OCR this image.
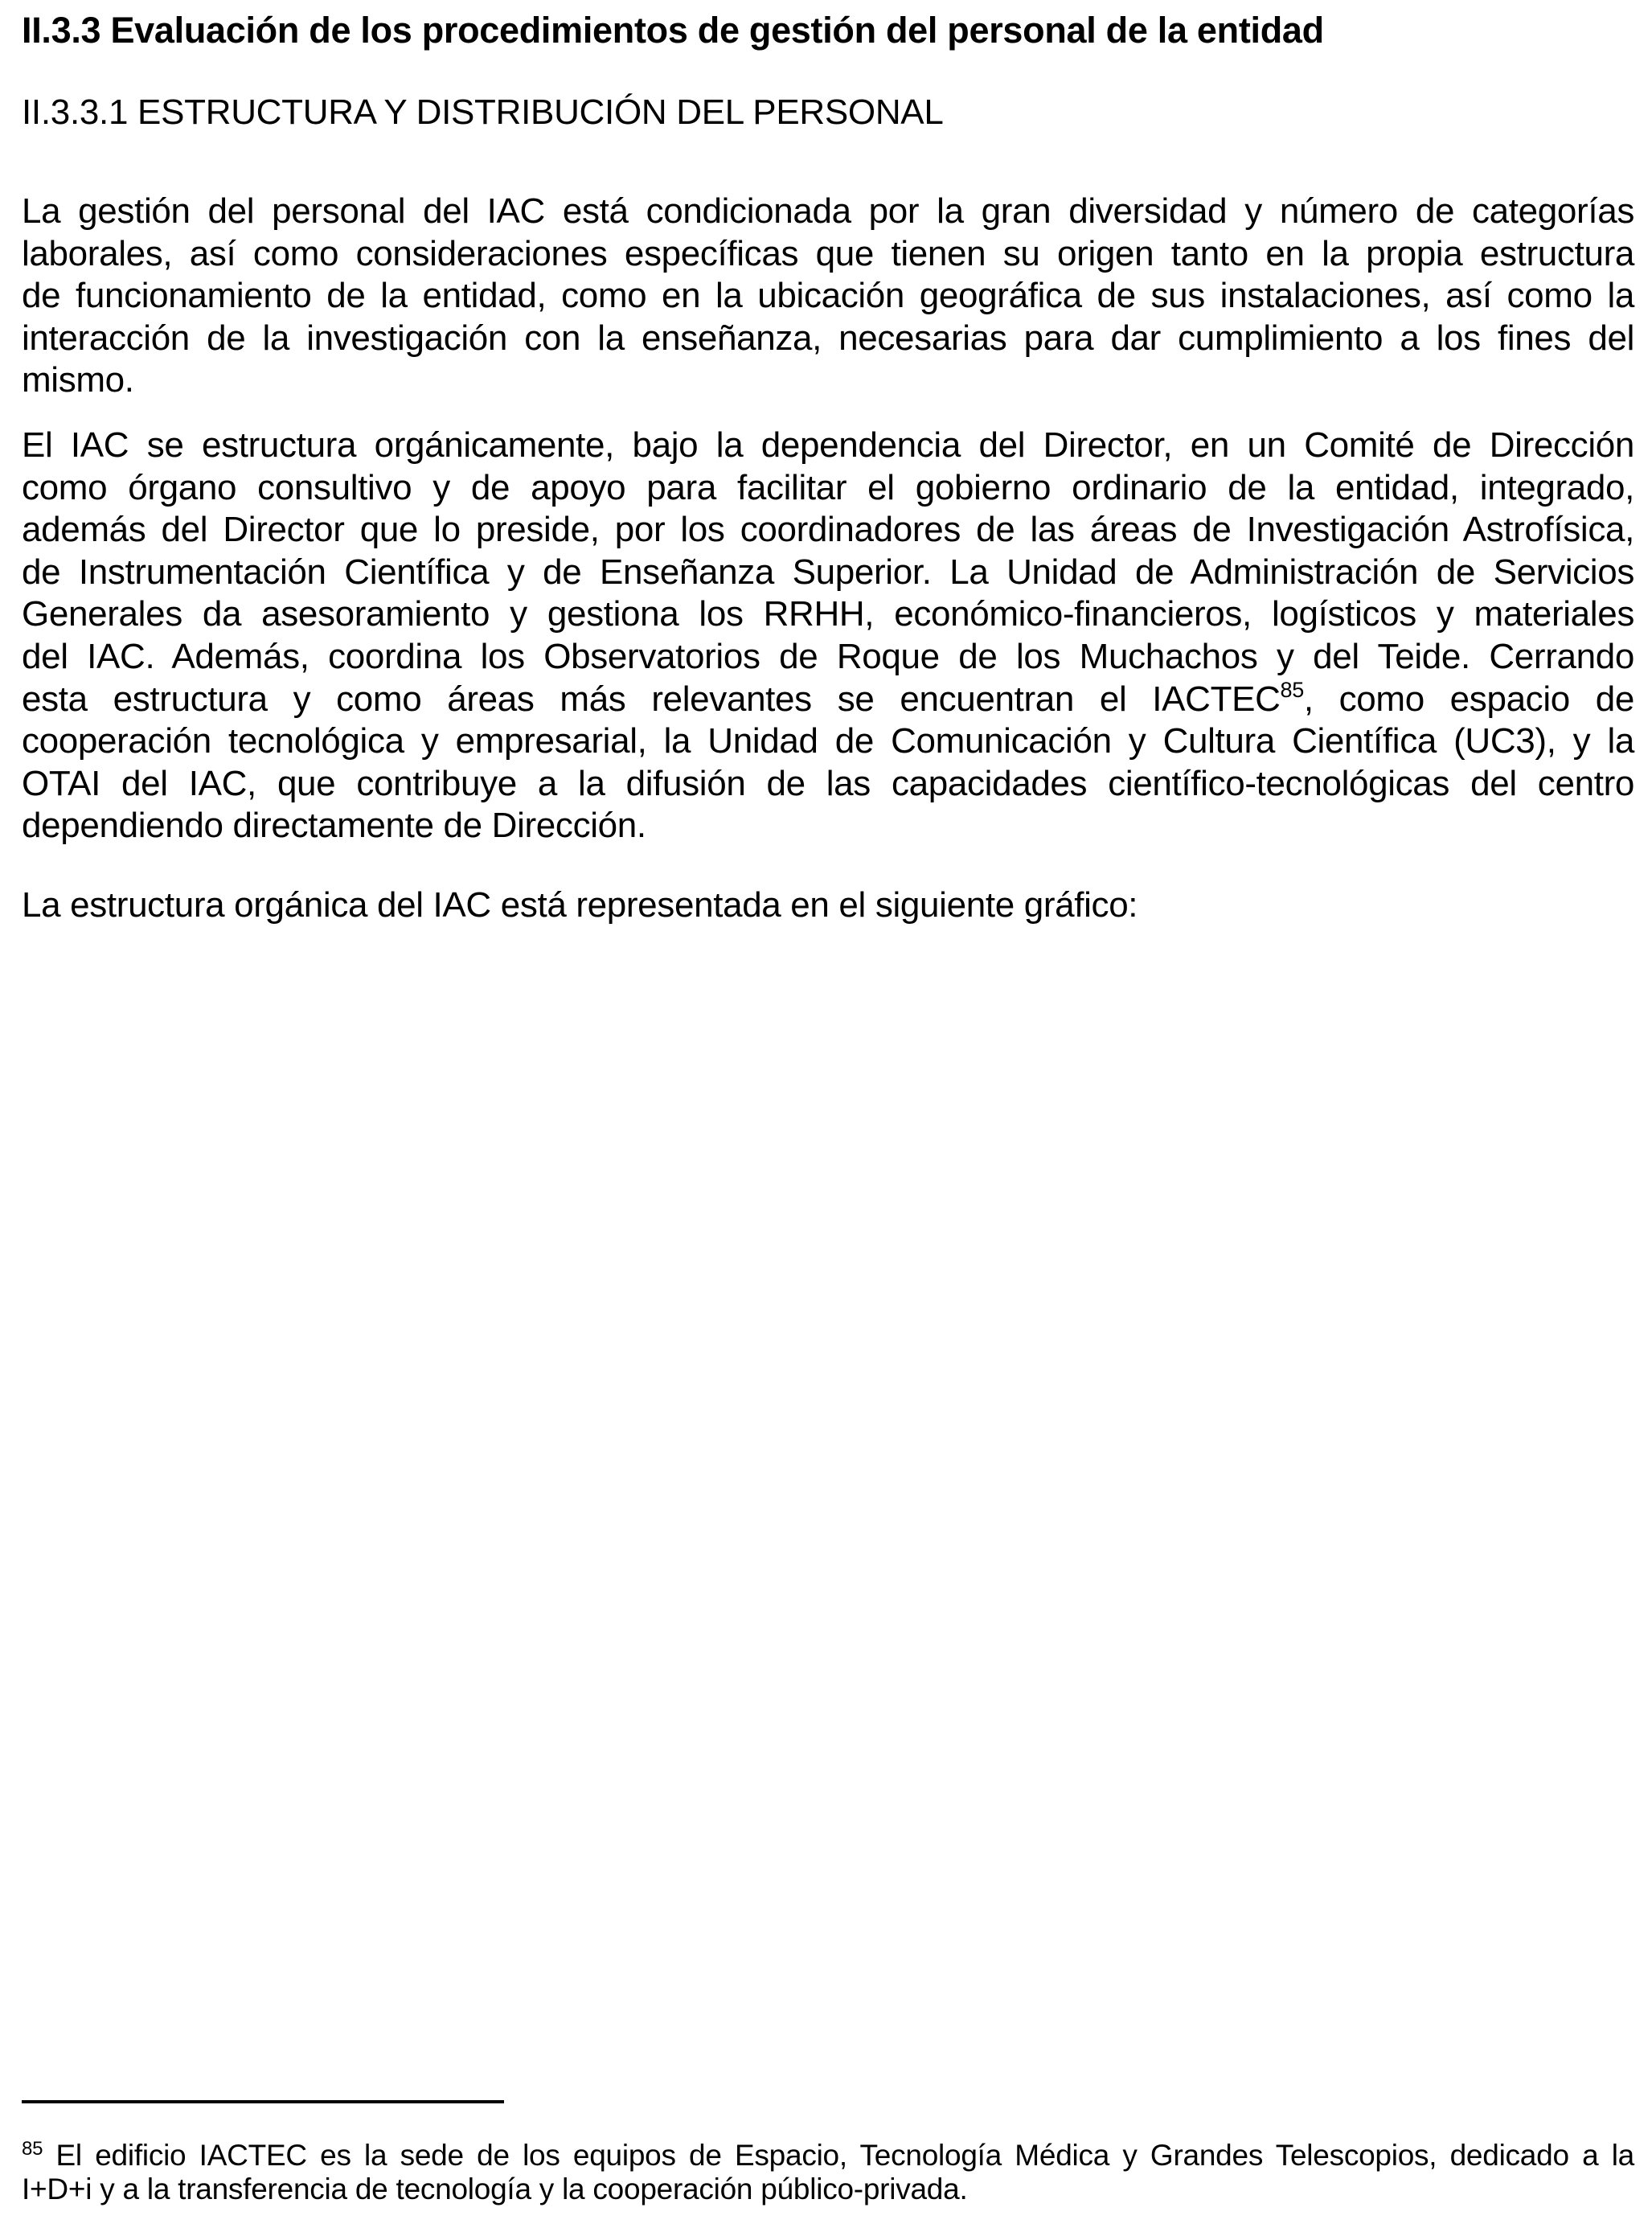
II.3.3 Evaluación de los procedimientos de gestión del personal de la entidad
II.3.3.1 ESTRUCTURA Y DISTRIBUCIÓN DEL PERSONAL
La gestión del personal del IAC está condicionada por la gran diversidad y número de categorías
laborales, así como consideraciones específicas que tienen su origen tanto en la propia estructura
de funcionamiento de la entidad, como en la ubicación geográfica de sus instalaciones, así como la
interacción de la investigación con la enseñanza, necesarias para dar cumplimiento a los fines del
mismo.
El IAC se estructura orgánicamente, bajo la dependencia del Director, en un Comité de Dirección
como órgano consultivo y de apoyo para facilitar el gobierno ordinario de la entidad, integrado,
además del Director que lo preside, por los coordinadores de las áreas de Investigación Astrofísica,
de Instrumentación Científica y de Enseñanza Superior. La Unidad de Administración de Servicios
Generales da asesoramiento y gestiona los RRHH, económico-financieros, logísticos y materiales
del IAC. Además, coordina los Observatorios de Roque de los Muchachos y del Teide. Cerrando
esta estructura y como áreas más relevantes se encuentran el IACTEC$^{85}$, como espacio de
cooperación tecnológica y empresarial, la Unidad de Comunicación y Cultura Científica (UC3), y la
OTAI del IAC, que contribuye a la difusión de las capacidades científico-tecnológicas del centro
dependiendo directamente de Dirección.
La estructura orgánica del IAC está representada en el siguiente gráfico:
$^{85}$ El edificio IACTEC es la sede de los equipos de Espacio, Tecnología Médica y Grandes Telescopios, dedicado a la
I+D+i y a la transferencia de tecnología y la cooperación público-privada.
